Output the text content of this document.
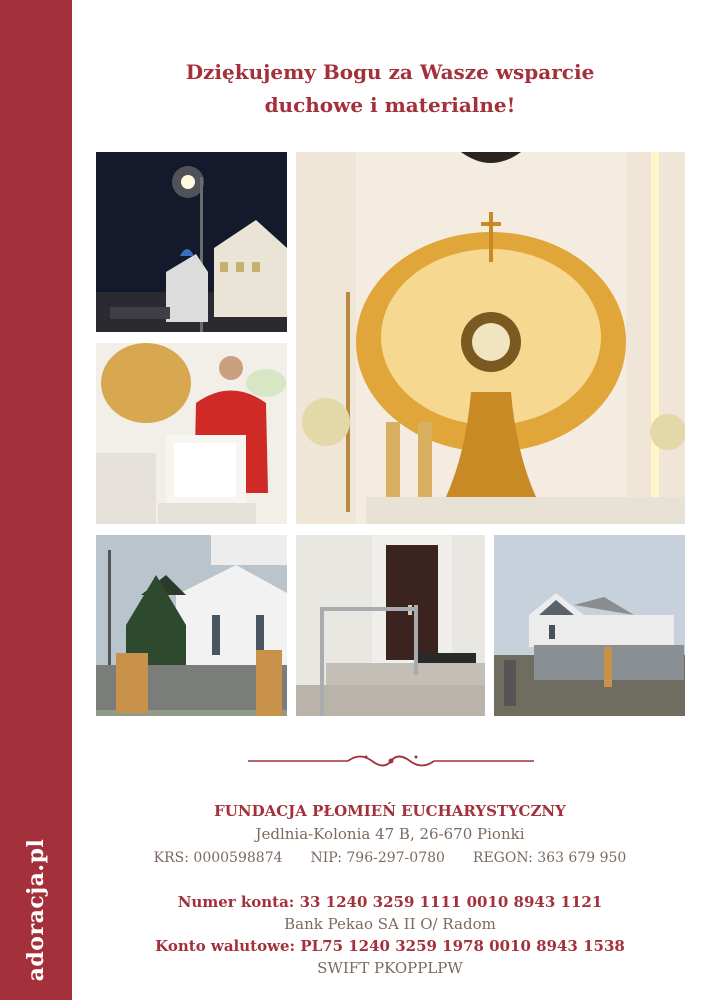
adoracja.pl
Dziękujemy Bogu za Wasze wsparcie
duchowe i materialne!
FUNDACJA PŁOMIEŃ EUCHARYSTYCZNY
Jedlnia-Kolonia 47 B, 26-670 Pionki
KRS: 0000598874 NIP: 796-297-0780 REGON: 363 679 950
Numer konta: 33 1240 3259 1111 0010 8943 1121
Bank Pekao SA II O/ Radom
Konto walutowe: PL75 1240 3259 1978 0010 8943 1538
SWIFT PKOPPLPW
